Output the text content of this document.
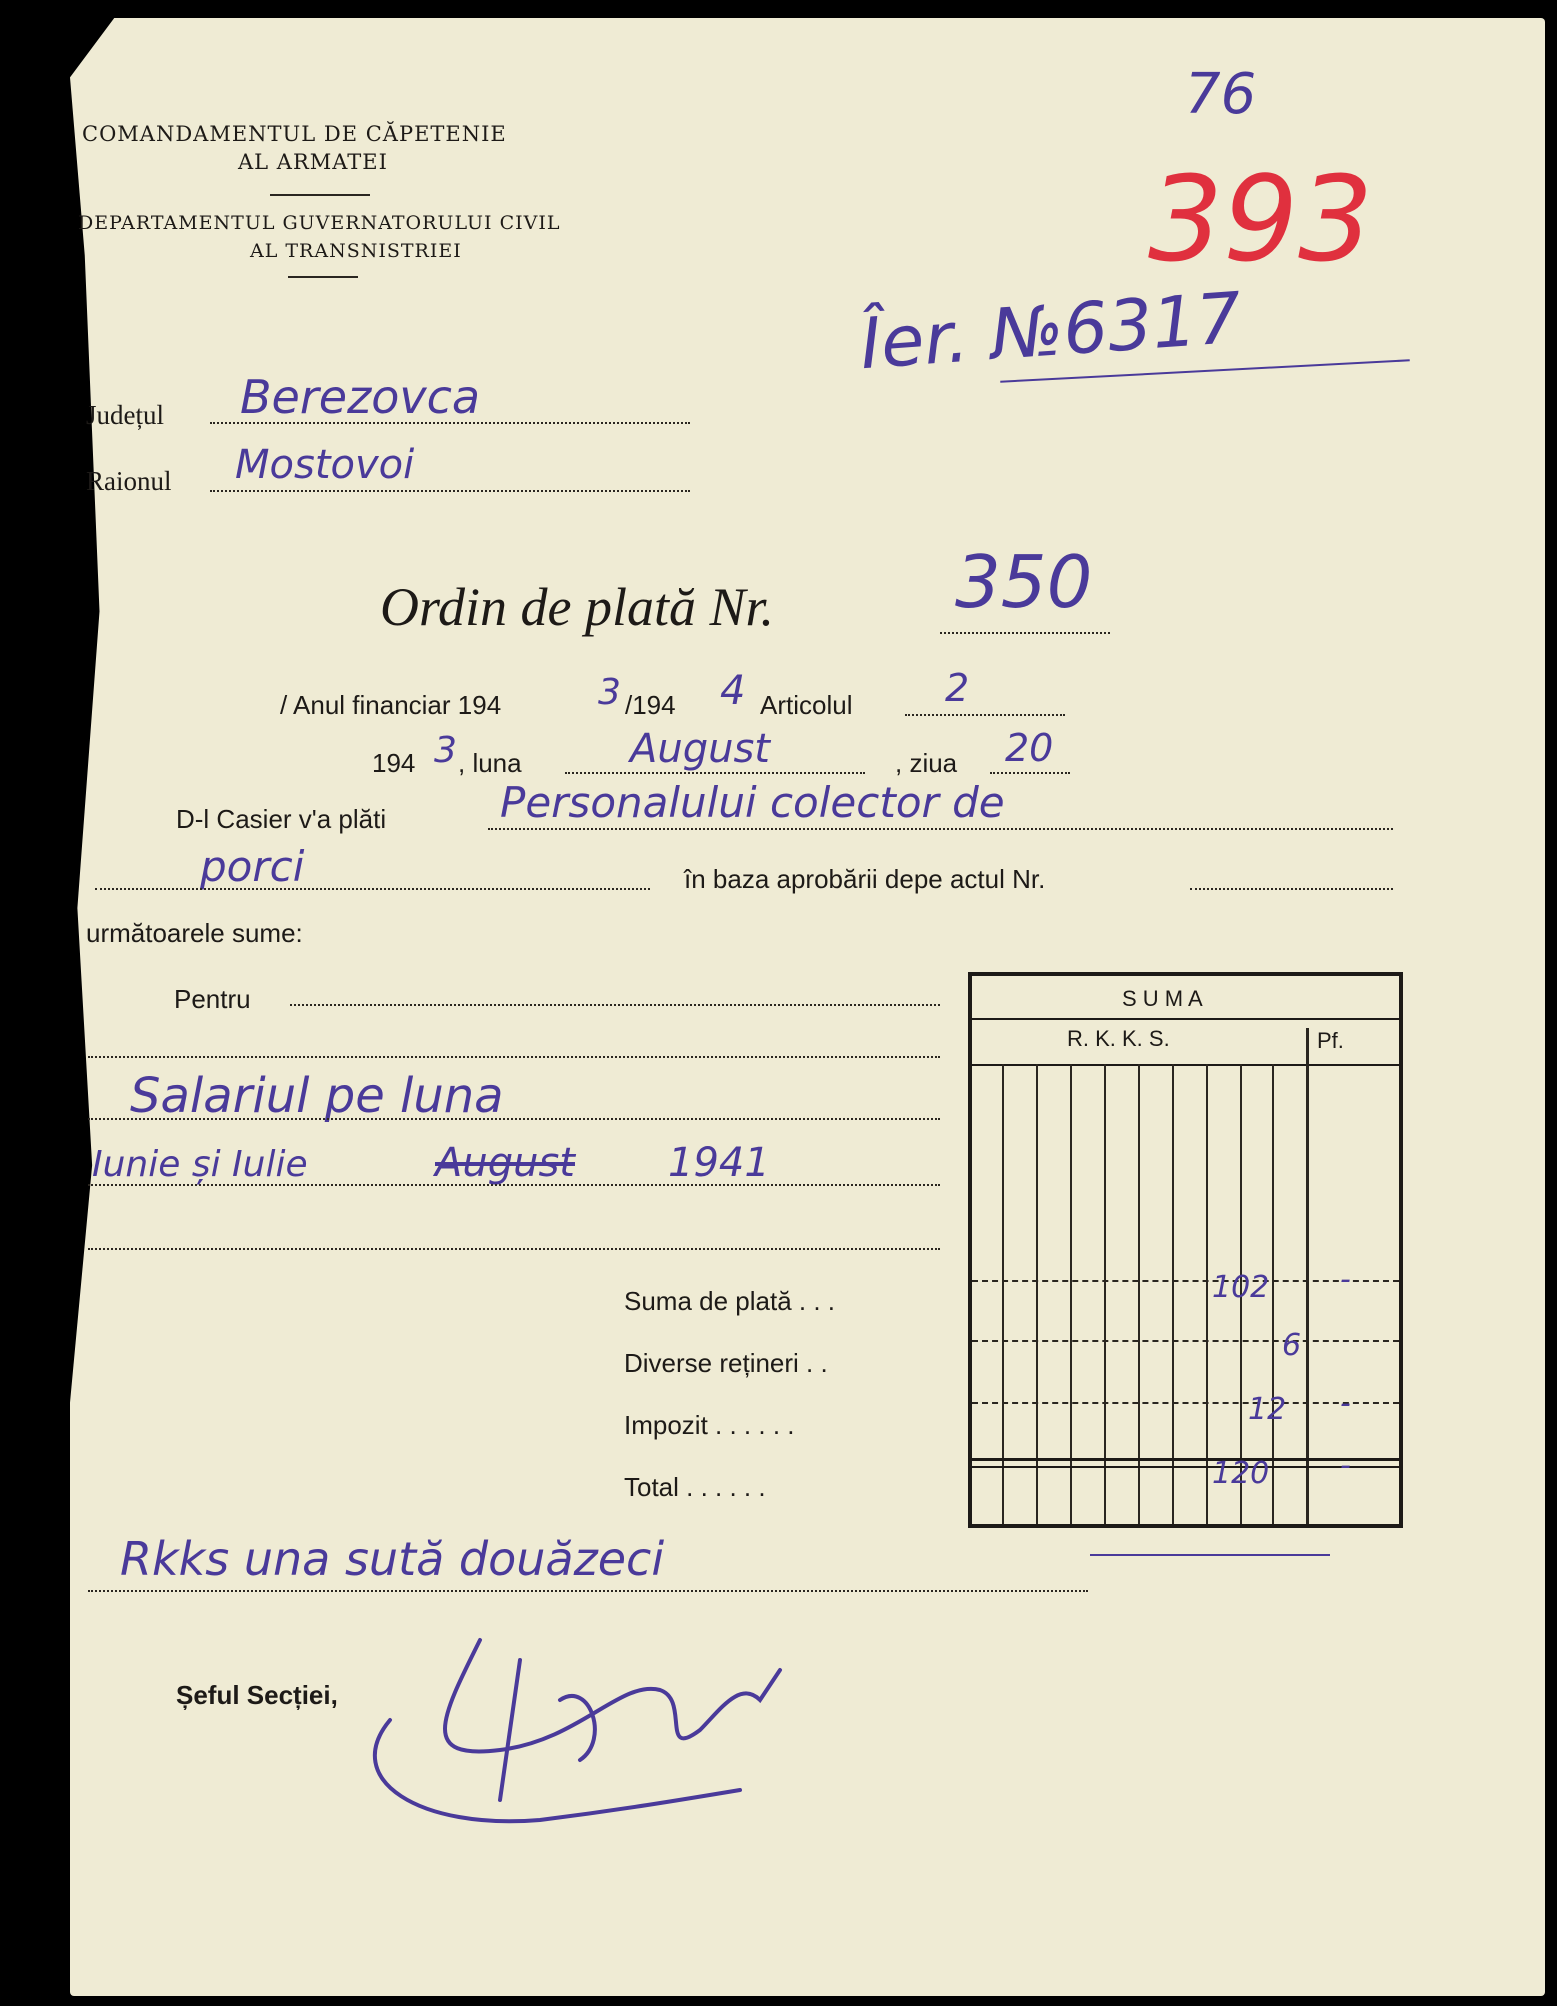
COMANDAMENTUL DE CĂPETENIE
AL ARMATEI
DEPARTAMENTUL GUVERNATORULUI CIVIL
AL TRANSNISTRIEI
76
393
Îer. №6317
Județul Berezovca
Raionul Mostovoi
Ordin de plată Nr.	350
/ Anul financiar 194	3 /194 4 Articolul 2
194 3 , luna	August	, ziua 20
D-l Casier v'a plăti	Personalului colector de
porci	în baza aprobării depe actul Nr.
următoarele sume:
Pentru
Salariul pe luna
Iunie și Iulie	August 1941
S U M A
R. K. K. S.	Pf.
Suma de plată . . .	102 -
Diverse rețineri . .	6
Impozit . . . . . .	12 -
Total . . . . . .	120 -
Rkks una sută douăzeci
Șeful Secției,
